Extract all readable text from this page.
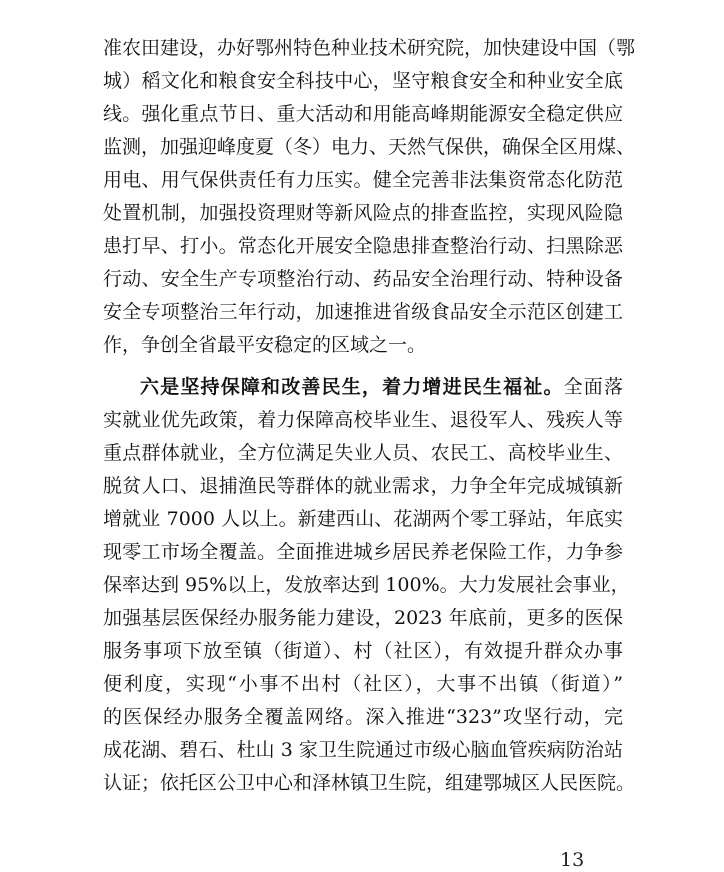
准农田建设，办好鄂州特色种业技术研究院，加快建设中国（鄂
城）稻文化和粮食安全科技中心，坚守粮食安全和种业安全底
线。强化重点节日、重大活动和用能高峰期能源安全稳定供应
监测，加强迎峰度夏（冬）电力、天然气保供，确保全区用煤、
用电、用气保供责任有力压实。健全完善非法集资常态化防范
处置机制，加强投资理财等新风险点的排查监控，实现风险隐
患打早、打小。常态化开展安全隐患排查整治行动、扫黑除恶
行动、安全生产专项整治行动、药品安全治理行动、特种设备
安全专项整治三年行动，加速推进省级食品安全示范区创建工
作，争创全省最平安稳定的区域之一。
六是坚持保障和改善民生，着力增进民生福祉。全面落
实就业优先政策，着力保障高校毕业生、退役军人、残疾人等
重点群体就业，全方位满足失业人员、农民工、高校毕业生、
脱贫人口、退捕渔民等群体的就业需求，力争全年完成城镇新
增就业 7000 人以上。新建西山、花湖两个零工驿站，年底实
现零工市场全覆盖。全面推进城乡居民养老保险工作，力争参
保率达到 95%以上，发放率达到 100%。大力发展社会事业，
加强基层医保经办服务能力建设，2023 年底前，更多的医保
服务事项下放至镇（街道）、村（社区），有效提升群众办事
便利度，实现“小事不出村（社区），大事不出镇（街道）”
的医保经办服务全覆盖网络。深入推进“323”攻坚行动，完
成花湖、碧石、杜山 3 家卫生院通过市级心脑血管疾病防治站
认证；依托区公卫中心和泽林镇卫生院，组建鄂城区人民医院。
13
